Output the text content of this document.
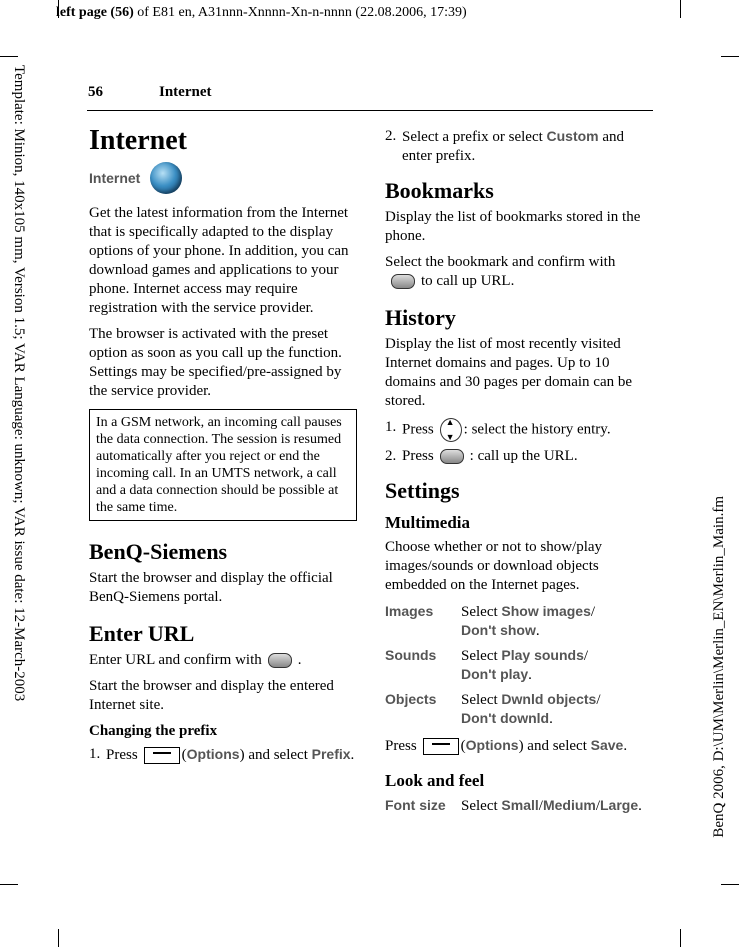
left page (56) of E81 en, A31nnn-Xnnnn-Xn-n-nnnn (22.08.2006, 17:39)
Template: Minion, 140x105 mm, Version 1.5; VAR Language: unknown; VAR issue date: 12-March-2003	BenQ 2006, D:\UM\Merlin\Merlin_EN\Merlin_Main.fm
56	Internet
Internet
Internet

Get the latest information from the Internet that is specifically adapted to the display options of your phone. In addition, you can download games and applications to your phone. Internet access may require registration with the service provider.

The browser is activated with the preset option as soon as you call up the function. Settings may be specified/pre-assigned by the service provider.

In a GSM network, an incoming call pauses the data connection. The session is resumed automatically after you reject or end the incoming call. In an UMTS network, a call and a data connection should be possible at the same time.
BenQ-Siemens

Start the browser and display the official BenQ-Siemens portal.

Enter URL

Enter URL and confirm with .

Start the browser and display the entered Internet site.

Changing the prefix
1. Press	(Options) and select Prefix.
2. Select a prefix or select Custom and enter prefix.
Bookmarks

Display the list of bookmarks stored in the phone.

Select the bookmark and confirm with
to call up URL.

History

Display the list of most recently visited Internet domains and pages. Up to 10 domains and 30 pages per domain can be stored.

1. Press▲ ▼ : select the history entry.
2. Press : call up the URL.
Settings
Multimedia

Choose whether or not to show/play images/sounds or download objects embedded on the Internet pages.

Images	Select Show images/
Don't show.
Sounds	Select Play sounds/
Don't play.
Objects	Select Dwnld objects/
Don't downld.

Press	(Options) and select Save.

Look and feel
Font size	Select Small/Medium/Large.
